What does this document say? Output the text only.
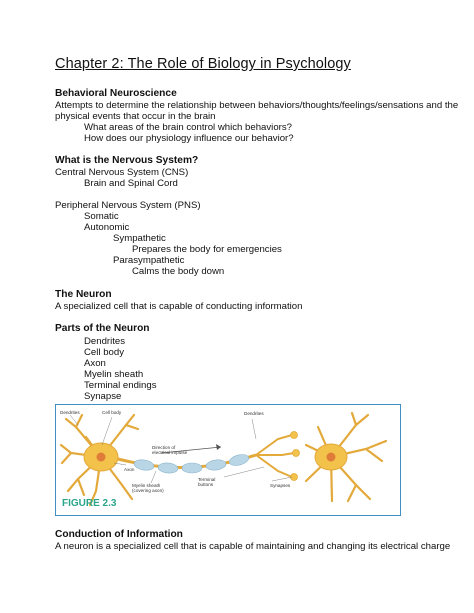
Chapter 2: The Role of Biology in Psychology
Behavioral Neuroscience
Attempts to determine the relationship between behaviors/thoughts/feelings/sensations and the
physical events that occur in the brain
What areas of the brain control which behaviors?
How does our physiology influence our behavior?
What is the Nervous System?
Central Nervous System (CNS)
Brain and Spinal Cord
Peripheral Nervous System (PNS)
Somatic
Autonomic
Sympathetic
Prepares the body for emergencies
Parasympathetic
Calms the body down
The Neuron
A specialized cell that is capable of conducting information
Parts of the Neuron
Dendrites
Cell body
Axon
Myelin sheath
Terminal endings
Synapse
Dendrites	Cell body
Direction of electrical impulse
Dendrites
Axon
Myelin sheath (covering axon)
Terminal buttons	Synapses
FIGURE 2.3
Conduction of Information
A neuron is a specialized cell that is capable of maintaining and changing its electrical charge
